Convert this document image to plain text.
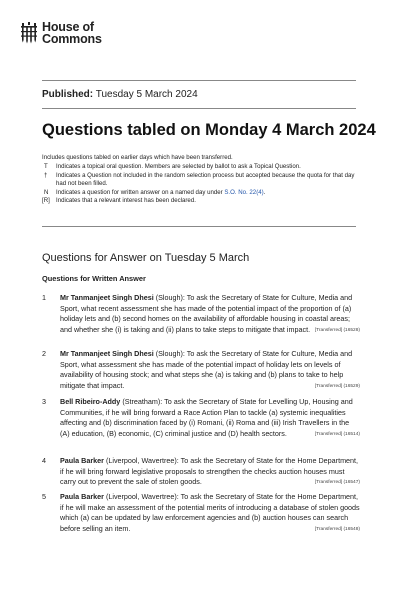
House of
Commons
Published: Tuesday 5 March 2024
Questions tabled on Monday 4 March 2024
Includes questions tabled on earlier days which have been transferred.
T	Indicates a topical oral question. Members are selected by ballot to ask a Topical Question.
†	Indicates a Question not included in the random selection process but accepted because the quota for that day had not been filled.
N	Indicates a question for written answer on a named day under S.O. No. 22(4).
[R]	Indicates that a relevant interest has been declared.
Questions for Answer on Tuesday 5 March
Questions for Written Answer
1	Mr Tanmanjeet Singh Dhesi (Slough): To ask the Secretary of State for Culture, Media and Sport, what recent assessment she has made of the potential impact of the proportion of (a) holiday lets and (b) second homes on the availability of affordable housing in coastal areas; and whether she (i) is taking and (ii) plans to take steps to mitigate that impact. [Transferred] (16528)
2	Mr Tanmanjeet Singh Dhesi (Slough): To ask the Secretary of State for Culture, Media and Sport, what assessment she has made of the potential impact of holiday lets on levels of availability of housing stock; and what steps she (a) is taking and (b) plans to take to help mitigate that impact.	[Transferred] (16529)
3	Bell Ribeiro-Addy (Streatham): To ask the Secretary of State for Levelling Up, Housing and Communities, if he will bring forward a Race Action Plan to tackle (a) systemic inequalities affecting and (b) discrimination faced by (i) Romani, (ii) Roma and (iii) Irish Travellers in the (A) education, (B) economic, (C) criminal justice and (D) health sectors.	[Transferred] (16514)
4	Paula Barker (Liverpool, Wavertree): To ask the Secretary of State for the Home Department, if he will bring forward legislative proposals to strengthen the checks auction houses must carry out to prevent the sale of stolen goods.	[Transferred] (16547)
5	Paula Barker (Liverpool, Wavertree): To ask the Secretary of State for the Home Department, if he will make an assessment of the potential merits of introducing a database of stolen goods which (a) can be updated by law enforcement agencies and (b) auction houses can search before selling an item.	[Transferred] (16548)
